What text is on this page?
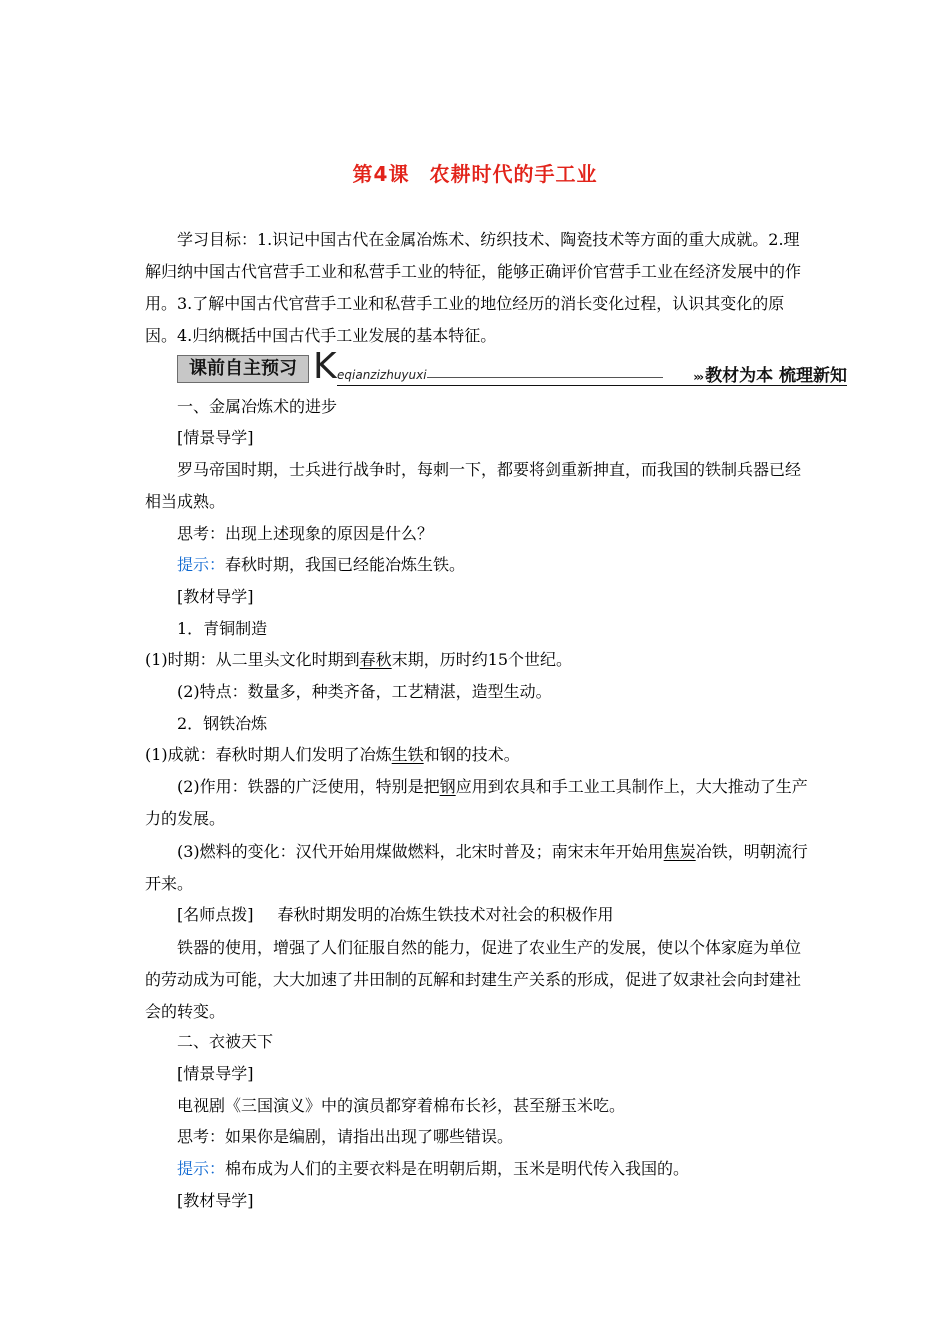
第4课 农耕时代的手工业
学习目标：1.识记中国古代在金属冶炼术、纺织技术、陶瓷技术等方面的重大成就。2.理解归纳中国古代官营手工业和私营手工业的特征，能够正确评价官营手工业在经济发展中的作用。3.了解中国古代官营手工业和私营手工业的地位经历的消长变化过程，认识其变化的原因。4.归纳概括中国古代手工业发展的基本特征。
课前自主预习 K eqianzizhuyuxi	››› 教材为本 梳理新知
一、金属冶炼术的进步
[情景导学]
罗马帝国时期，士兵进行战争时，每刺一下，都要将剑重新抻直，而我国的铁制兵器已经相当成熟。
思考：出现上述现象的原因是什么？
提示：春秋时期，我国已经能冶炼生铁。
[教材导学]
1．青铜制造
(1)时期：从二里头文化时期到春秋末期，历时约15个世纪。
(2)特点：数量多，种类齐备，工艺精湛，造型生动。
2．钢铁冶炼
(1)成就：春秋时期人们发明了冶炼生铁和钢的技术。
(2)作用：铁器的广泛使用，特别是把钢应用到农具和手工业工具制作上，大大推动了生产力的发展。
(3)燃料的变化：汉代开始用煤做燃料，北宋时普及；南宋末年开始用焦炭冶铁，明朝流行开来。
[名师点拨] 春秋时期发明的冶炼生铁技术对社会的积极作用
铁器的使用，增强了人们征服自然的能力，促进了农业生产的发展，使以个体家庭为单位的劳动成为可能，大大加速了井田制的瓦解和封建生产关系的形成，促进了奴隶社会向封建社会的转变。
二、衣被天下
[情景导学]
电视剧《三国演义》中的演员都穿着棉布长衫，甚至掰玉米吃。
思考：如果你是编剧，请指出出现了哪些错误。
提示：棉布成为人们的主要衣料是在明朝后期，玉米是明代传入我国的。
[教材导学]
